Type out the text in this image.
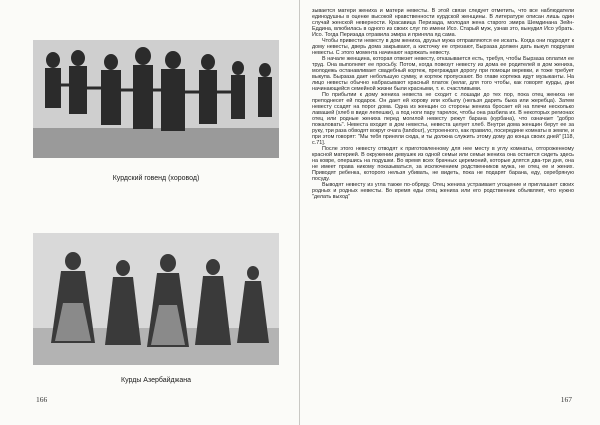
Курдский говенд (хоровод)
Курды Азербайджана
166

зывается матери жениха и матери невесты. В этой связи следует отметить, что все наблюдатели единодушны в оценке высокой нравственности курдской женщины. В литературе описан лишь один случай женской неверности. Красавица Перизада, молодая жена старого эмира Шемдинана Зейн-Еддина, влюбилась в одного из своих слуг по имени Исо. Старый муж, узнав это, вынудил Исо убрать. Исо. Тогда Перизада отравила эмира и приняла яд сама.

Чтобы привести невесту в дом жениха, друзья мужа отправляются ее искать. Когда они подходят к дому невесты, дверь дома закрывают, а кисточку ее отрезают, Бырзаза должен дать выкуп подругам невесты. С этого момента начинают наряжать невесту.

В начале женщина, которая отвезет невесту, отказывается есть, требуя, чтобы Бырзаза оплатил ее труд. Она выполняет ее просьбу. Потом, когда повезут невесту из дома ее родителей в дом жениха, молодежь останавливает свадебный кортеж, преграждая дорогу при помощи веревки, и тоже требует выкупа. Бырзаза дает небольшую сумму, и кортеж пропускают. Во главе кортежа идут музыканты. На лицо невесты обычно набрасывают красный платок (келаг, для того чтобы, как говорят курды, дни начинающейся семейной жизни были красными, т. е. счастливыми.

По прибытии к дому жениха невеста не сходит с лошади до тех пор, пока отец жениха не преподнесет ей подарок. Он дает ей корову или кобылу (нельзя дарить быка или жеребца). Затем невесту ссадят на порог дома. Одна из женщин со стороны жениха бросает ей на плечи несколько лавашей (хлеб в виде лепешки), а под ноги пару тарелок, чтобы она разбила их. В некоторых регионах отец или родные жениха перед могилой невесту режут барана (курбана), что означает "добро пожаловать". Невеста входит в дом невесты, невеста целует хлеб. Внутри дома женщин берут ее за руку, три раза обводят вокруг очага (tandour), устроенного, как правило, посередине комнаты в земле, и при этом говорят: "Мы тебя приняли сюда, и ты должна служить этому дому до конца своих дней" [118, с.71].

После этого невесту отводят к приготовленному для нее месту в углу комнаты, отгороженному красной материей. В окружении девушек из одной семьи или семьи жениха она остается сидеть здесь на ковре, опершись на подушки. Во время всех брачных церемоний, которые длятся два-три дня, она не имеет права никому показываться, за исключением родственников мужа, не отец ее и жених. Приводят ребенка, которого нельзя убивать, не видеть, пока не подарят барана, еду, серебряную посуду.

Выводят невесту из угла также по-обряду. Отец жениха устраивает угощение и приглашает своих родных и родных невесты. Во время еды отец жениха или его родственник объявляет, что нужно "делать выход"

167
